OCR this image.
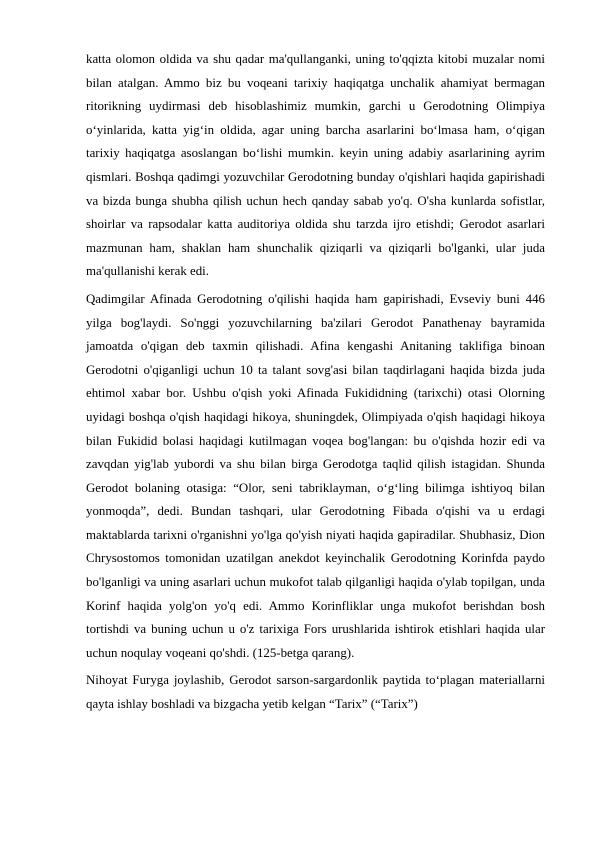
katta olomon oldida va shu qadar ma'qullanganki, uning to'qqizta kitobi muzalar nomi bilan atalgan. Ammo biz bu voqeani tarixiy haqiqatga unchalik ahamiyat bermagan ritorikning uydirmasi deb hisoblashimiz mumkin, garchi u Gerodotning Olimpiya o‘yinlarida, katta yig‘in oldida, agar uning barcha asarlarini bo‘lmasa ham, o‘qigan tarixiy haqiqatga asoslangan bo‘lishi mumkin. keyin uning adabiy asarlarining ayrim qismlari. Boshqa qadimgi yozuvchilar Gerodotning bunday o'qishlari haqida gapirishadi va bizda bunga shubha qilish uchun hech qanday sabab yo'q. O'sha kunlarda sofistlar, shoirlar va rapsodalar katta auditoriya oldida shu tarzda ijro etishdi; Gerodot asarlari mazmunan ham, shaklan ham shunchalik qiziqarli va qiziqarli bo'lganki, ular juda ma'qullanishi kerak edi.

Qadimgilar Afinada Gerodotning o'qilishi haqida ham gapirishadi, Evseviy buni 446 yilga bog'laydi. So'nggi yozuvchilarning ba'zilari Gerodot Panathenay bayramida jamoatda o'qigan deb taxmin qilishadi. Afina kengashi Anitaning taklifiga binoan Gerodotni o'qiganligi uchun 10 ta talant sovg'asi bilan taqdirlagani haqida bizda juda ehtimol xabar bor. Ushbu o'qish yoki Afinada Fukididning (tarixchi) otasi Olorning uyidagi boshqa o'qish haqidagi hikoya, shuningdek, Olimpiyada o'qish haqidagi hikoya bilan Fukidid bolasi haqidagi kutilmagan voqea bog'langan: bu o'qishda hozir edi va zavqdan yig'lab yubordi va shu bilan birga Gerodotga taqlid qilish istagidan. Shunda Gerodot bolaning otasiga: “Olor, seni tabriklayman, o‘g‘ling bilimga ishtiyoq bilan yonmoqda”, dedi. Bundan tashqari, ular Gerodotning Fibada o'qishi va u erdagi maktablarda tarixni o'rganishni yo'lga qo'yish niyati haqida gapiradilar. Shubhasiz, Dion Chrysostomos tomonidan uzatilgan anekdot keyinchalik Gerodotning Korinfda paydo bo'lganligi va uning asarlari uchun mukofot talab qilganligi haqida o'ylab topilgan, unda Korinf haqida yolg'on yo'q edi. Ammo Korinfliklar unga mukofot berishdan bosh tortishdi va buning uchun u o'z tarixiga Fors urushlarida ishtirok etishlari haqida ular uchun noqulay voqeani qo'shdi. (125-betga qarang).

Nihoyat Furyga joylashib, Gerodot sarson-sargardonlik paytida to‘plagan materiallarni qayta ishlay boshladi va bizgacha yetib kelgan “Tarix” (“Tarix”)
